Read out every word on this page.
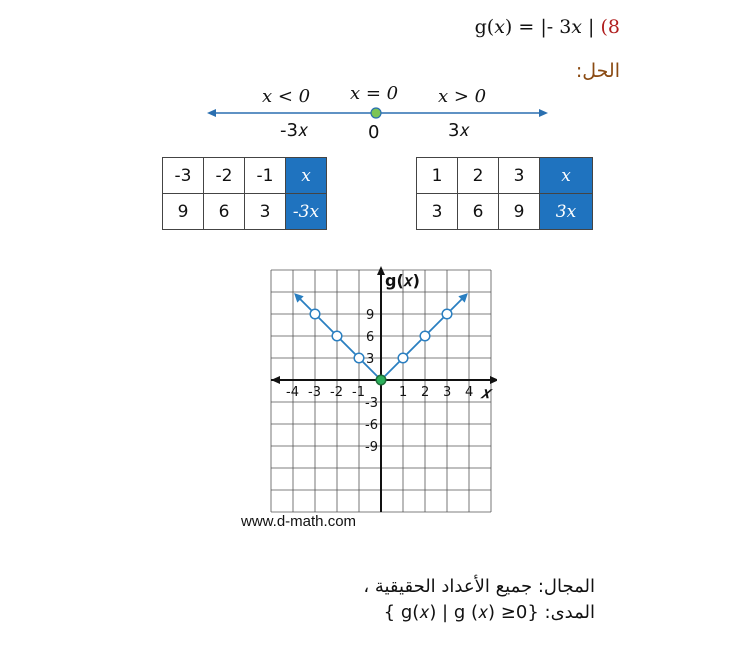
g(𝑥) = |- 3𝑥 | (8
الحل:
𝑥 < 0 𝑥 = 0 𝑥 > 0
-3𝑥	0	3𝑥
-3	-2	-1	𝑥
9	6	3	-3𝑥
1	2	3	𝑥
3	6	9	3𝑥
-4 -3 -2 -1	1 2 3 4
9
6
3
-3
-6
-9
g(𝑥)
𝑥
www.d-math.com
المجال: جميع الأعداد الحقيقية ،
المدى: {g(𝑥) | g (𝑥) ≥0 }
